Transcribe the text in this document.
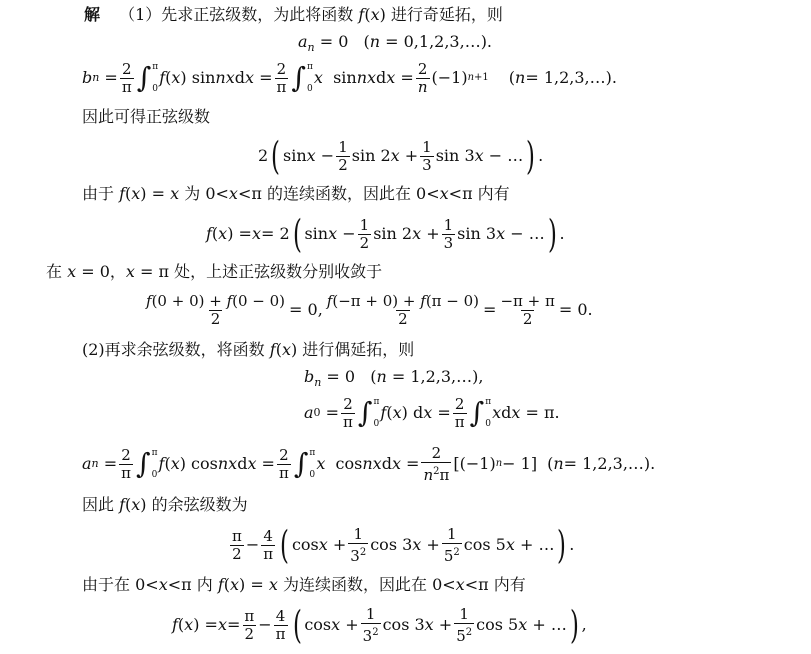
解 （1）先求正弦级数，为此将函数 f(x) 进行奇延拓，则
$a_n = 0$ (n = 0,1,2,3,…).
b $n = \frac{2}{\pi}$ ∫ π
0
f ( x ) sin nx d $x = \frac{2}{\pi}$ ∫ π
0
x sin nx d $x = \frac{2}{n} (-1)$ n+1 ( n = 1,2,3,…).
因此可得正弦级数
2 ( $\sin x - \frac{1}{2}$ sin 2 $x + \frac{1}{3}$ sin 3 x − … ) .
由于 f(x) = x 为 0<x<π 的连续函数，因此在 0<x<π 内有
f ( x ) = x = 2 ( $\sin x - \frac{1}{2}$ sin 2 $x + \frac{1}{3}$ sin 3 x − … ) .
在 x = 0，x = π 处，上述正弦级数分别收敛于
$\frac{f(0 + 0) + f(0 - 0)}{2} = 0$, $\frac{f(-\pi + 0) + f(\pi - 0)}{2} = \frac{-\pi + \pi}{2} = 0$.
(2)再求余弦级数，将函数 f(x) 进行偶延拓，则
$b_n = 0$ (n = 1,2,3,…),
a $0 = \frac{2}{\pi}$ ∫ π
0
f ( x ) d $x = \frac{2}{\pi}$ ∫ π
0
x d x = π.
a $n = \frac{2}{\pi}$ ∫ π
0
f ( x ) cos nx d $x = \frac{2}{\pi}$ ∫ π
0
x cos nx d $x = \frac{2}{n^2\pi} [(-1) n - 1]$
( n = 1,2,3,…).
因此 f(x) 的余弦级数为
$\frac{\pi}{2} - \frac{4}{\pi}$ ( $\cos x + \frac{1}{3^2}$ cos 3 $x + \frac{1}{5^2}$ cos 5 x + … ) .
由于在 0<x<π 内 f(x) = x 为连续函数，因此在 0<x<π 内有
f ( x ) = $x = \frac{\pi}{2} - \frac{4}{\pi}$ ( $\cos x + \frac{1}{3^2}$ cos 3 $x + \frac{1}{5^2}$ cos 5 x + … ) ,
